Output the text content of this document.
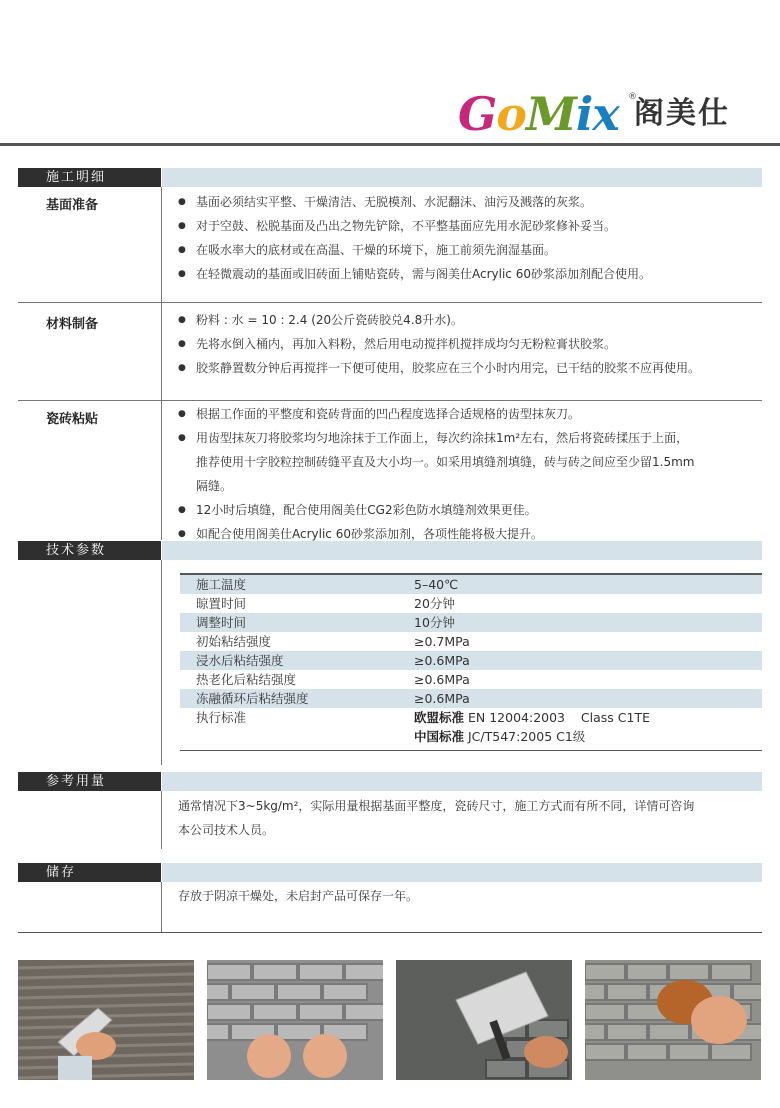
GoMix ®
阁美仕
施工明细
基面准备	● 基面必须结实平整、干燥清洁、无脱模剂、水泥翻沫、油污及溅落的灰浆。
● 对于空鼓、松脱基面及凸出之物先铲除，不平整基面应先用水泥砂浆修补妥当。
● 在吸水率大的底材或在高温、干燥的环境下，施工前须先润湿基面。
● 在轻微震动的基面或旧砖面上铺贴瓷砖，需与阁美仕Acrylic 60砂浆添加剂配合使用。
材料制备	● 粉料 : 水 = 10 : 2.4 (20公斤瓷砖胶兑4.8升水)。
● 先将水倒入桶内，再加入料粉，然后用电动搅拌机搅拌成均匀无粉粒膏状胶浆。
● 胶浆静置数分钟后再搅拌一下便可使用，胶浆应在三个小时内用完，已干结的胶浆不应再使用。
瓷砖粘贴	● 根据工作面的平整度和瓷砖背面的凹凸程度选择合适规格的齿型抹灰刀。
● 用齿型抹灰刀将胶浆均匀地涂抹于工作面上，每次约涂抹1m²左右，然后将瓷砖揉压于上面，
推荐使用十字胶粒控制砖缝平直及大小均一。如采用填缝剂填缝，砖与砖之间应至少留1.5mm
隔缝。
● 12小时后填缝，配合使用阁美仕CG2彩色防水填缝剂效果更佳。
● 如配合使用阁美仕Acrylic 60砂浆添加剂，各项性能将极大提升。
技术参数
施工温度	5–40℃
晾置时间	20分钟
调整时间	10分钟
初始粘结强度	≥0.7MPa
浸水后粘结强度	≥0.6MPa
热老化后粘结强度	≥0.6MPa
冻融循环后粘结强度	≥0.6MPa
执行标准	欧盟标准 EN 12004:2003    Class C1TE
中国标准 JC/T547:2005 C1级
参考用量
通常情况下3~5kg/m²，实际用量根据基面平整度，瓷砖尺寸，施工方式而有所不同，详情可咨询
本公司技术人员。
储存
存放于阴凉干燥处，未启封产品可保存一年。
